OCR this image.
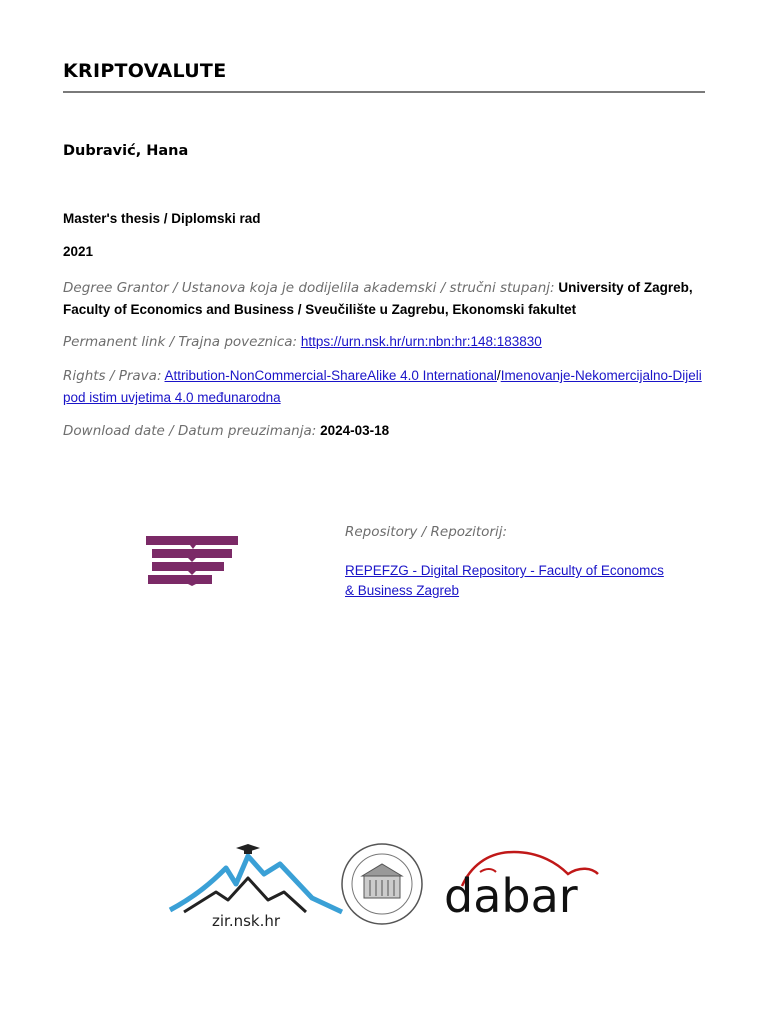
KRIPTOVALUTE
Dubravić, Hana
Master's thesis / Diplomski rad
2021
Degree Grantor / Ustanova koja je dodijelila akademski / stručni stupanj: University of Zagreb, Faculty of Economics and Business / Sveučilište u Zagrebu, Ekonomski fakultet
Permanent link / Trajna poveznica: https://urn.nsk.hr/urn:nbn:hr:148:183830
Rights / Prava: Attribution-NonCommercial-ShareAlike 4.0 International/Imenovanje-Nekomercijalno-Dijeli pod istim uvjetima 4.0 međunarodna
Download date / Datum preuzimanja: 2024-03-18
Repository / Repozitorij:
REPEFZG - Digital Repository - Faculty of Economcs & Business Zagreb
zir.nsk.hr	dabar
